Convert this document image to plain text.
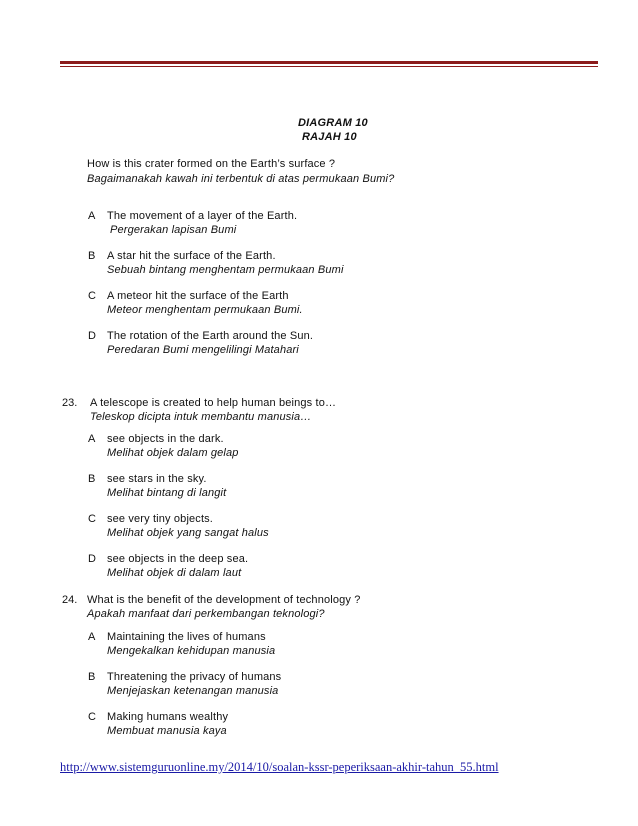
DIAGRAM 10
RAJAH 10
How is this crater formed on the Earth’s surface ?
Bagaimanakah kawah ini terbentuk di atas permukaan Bumi?
A The movement of a layer of the Earth.
Pergerakan lapisan Bumi
B A star hit the surface of the Earth.
Sebuah bintang menghentam permukaan Bumi
C A meteor hit the surface of the Earth
Meteor menghentam permukaan Bumi.
D The rotation of the Earth around the Sun.
Peredaran Bumi mengelilingi Matahari
23. A telescope is created to help human beings to…
Teleskop dicipta intuk membantu manusia…
A see objects in the dark.
Melihat objek dalam gelap
B see stars in the sky.
Melihat bintang di langit
C see very tiny objects.
Melihat objek yang sangat halus
D see objects in the deep sea.
Melihat objek di dalam laut
24. What is the benefit of the development of technology ?
Apakah manfaat dari perkembangan teknologi?
A Maintaining the lives of humans
Mengekalkan kehidupan manusia
B Threatening the privacy of humans
Menjejaskan ketenangan manusia
C Making humans wealthy
Membuat manusia kaya
http://www.sistemguruonline.my/2014/10/soalan-kssr-peperiksaan-akhir-tahun_55.html
